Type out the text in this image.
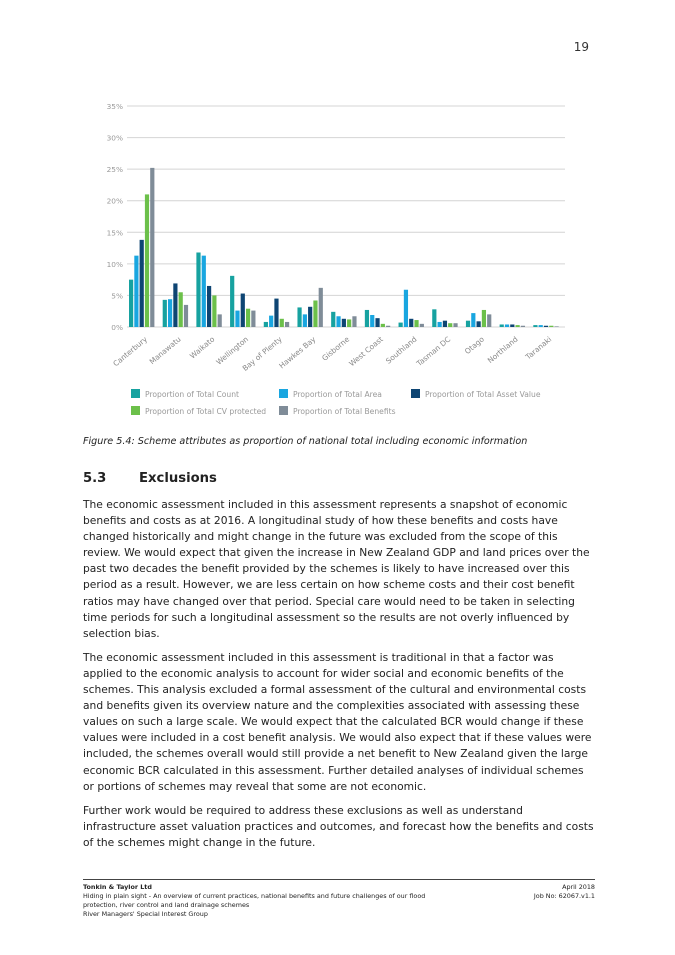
19
0%
5%
10%
15%
20%
25%
30%
35%
Canterbury
Manawatu Waikato
Wellington
Bay of Plenty
Hawkes Bay Gisborne
West Coast Southland
Tasman DC Otago Northland Taranaki
Proportion of Total Count	Proportion of Total Area	Proportion of Total Asset Value
Proportion of Total CV protected	Proportion of Total Benefits
Figure 5.4: Scheme attributes as proportion of national total including economic information
5.3 Exclusions

The economic assessment included in this assessment represents a snapshot of economic benefits and costs as at 2016. A longitudinal study of how these benefits and costs have changed historically and might change in the future was excluded from the scope of this review. We would expect that given the increase in New Zealand GDP and land prices over the past two decades the benefit provided by the schemes is likely to have increased over this period as a result. However, we are less certain on how scheme costs and their cost benefit ratios may have changed over that period. Special care would need to be taken in selecting time periods for such a longitudinal assessment so the results are not overly influenced by selection bias.

The economic assessment included in this assessment is traditional in that a factor was applied to the economic analysis to account for wider social and economic benefits of the schemes. This analysis excluded a formal assessment of the cultural and environmental costs and benefits given its overview nature and the complexities associated with assessing these values on such a large scale. We would expect that the calculated BCR would change if these values were included in a cost benefit analysis. We would also expect that if these values were included, the schemes overall would still provide a net benefit to New Zealand given the large economic BCR calculated in this assessment. Further detailed analyses of individual schemes or portions of schemes may reveal that some are not economic.

Further work would be required to address these exclusions as well as understand infrastructure asset valuation practices and outcomes, and forecast how the benefits and costs of the schemes might change in the future.

Tonkin & Taylor Ltd
Hiding in plain sight - An overview of current practices, national benefits and future challenges of our flood protection, river control and land drainage schemes
River Managers' Special Interest Group
April 2018
Job No: 62067.v1.1
